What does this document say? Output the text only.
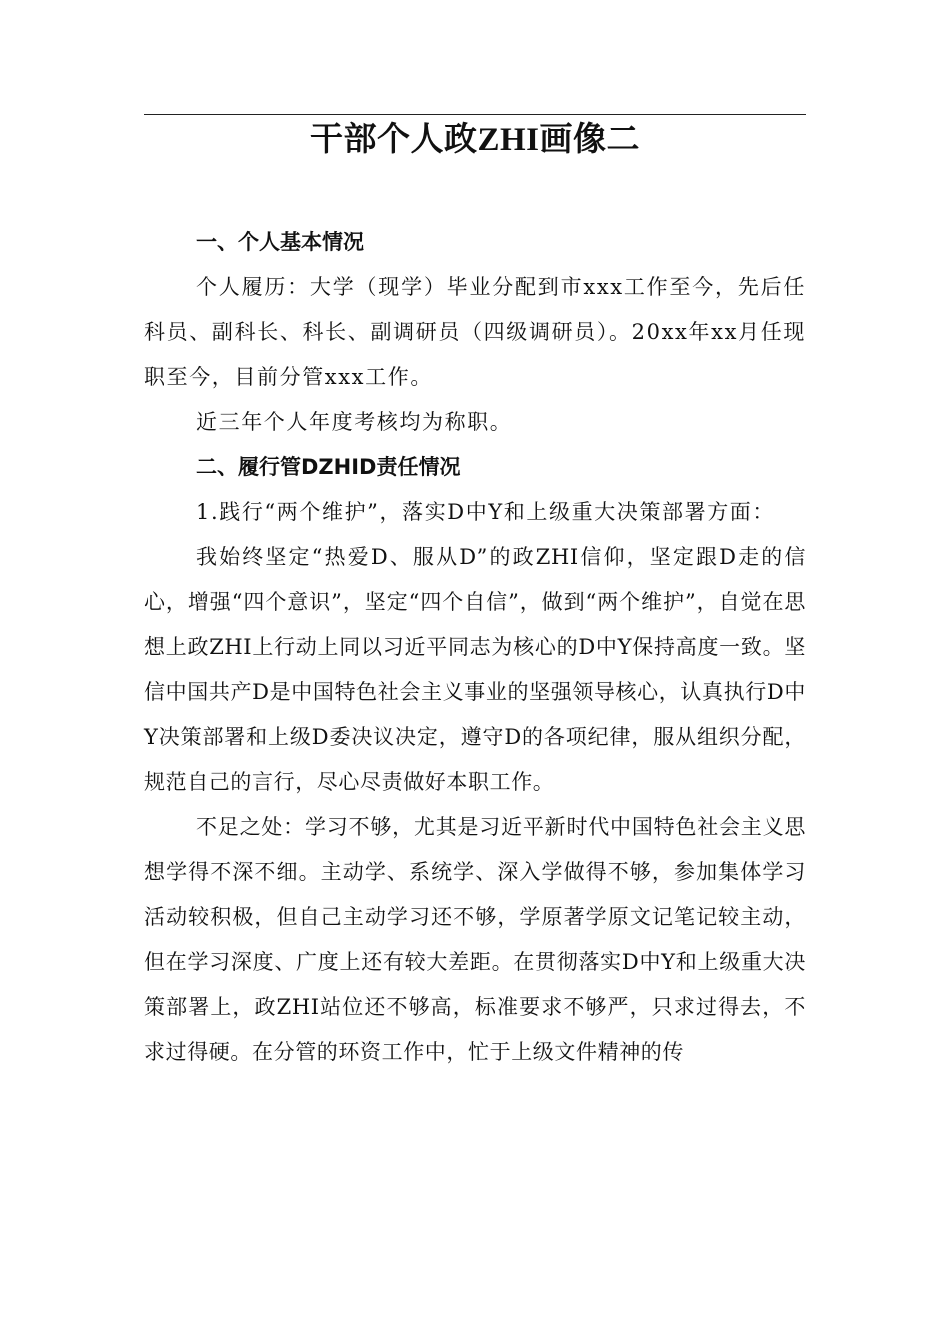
干部个人政ZHI画像二
一、个人基本情况

个人履历：大学（现学）毕业分配到市xxx工作至今，先后任科员、副科长、科长、副调研员（四级调研员）。20xx年xx月任现职至今，目前分管xxx工作。

近三年个人年度考核均为称职。

二、履行管DZHID责任情况

1.践行“两个维护”，落实D中Y和上级重大决策部署方面：

我始终坚定“热爱D、服从D”的政ZHI信仰，坚定跟D走的信心，增强“四个意识”，坚定“四个自信”，做到“两个维护”，自觉在思想上政ZHI上行动上同以习近平同志为核心的D中Y保持高度一致。坚信中国共产D是中国特色社会主义事业的坚强领导核心，认真执行D中Y决策部署和上级D委决议决定，遵守D的各项纪律，服从组织分配，规范自己的言行，尽心尽责做好本职工作。

不足之处：学习不够，尤其是习近平新时代中国特色社会主义思想学得不深不细。主动学、系统学、深入学做得不够，参加集体学习活动较积极，但自己主动学习还不够，学原著学原文记笔记较主动，但在学习深度、广度上还有较大差距。在贯彻落实D中Y和上级重大决策部署上，政ZHI站位还不够高，标准要求不够严，只求过得去，不求过得硬。在分管的环资工作中，忙于上级文件精神的传
